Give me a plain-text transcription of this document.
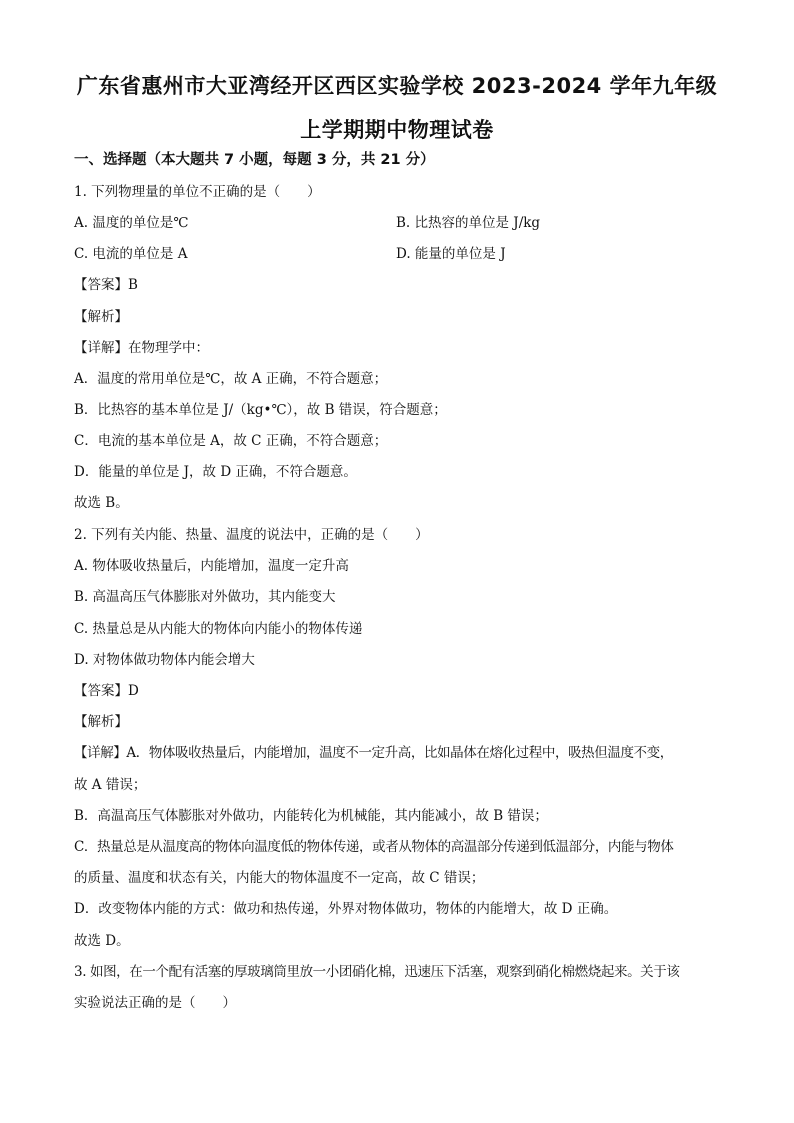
广东省惠州市大亚湾经开区西区实验学校 2023-2024 学年九年级
上学期期中物理试卷
一、选择题（本大题共 7 小题，每题 3 分，共 21 分）
1. 下列物理量的单位不正确的是（　　）
A. 温度的单位是℃	B. 比热容的单位是 J/kg
C. 电流的单位是 A	D. 能量的单位是 J
【答案】B
【解析】
【详解】在物理学中：
A．温度的常用单位是℃，故 A 正确，不符合题意；
B．比热容的基本单位是 J/（kg•℃），故 B 错误，符合题意；
C．电流的基本单位是 A，故 C 正确，不符合题意；
D．能量的单位是 J，故 D 正确，不符合题意。
故选 B。
2. 下列有关内能、热量、温度的说法中，正确的是（　　）
A. 物体吸收热量后，内能增加，温度一定升高
B. 高温高压气体膨胀对外做功，其内能变大
C. 热量总是从内能大的物体向内能小的物体传递
D. 对物体做功物体内能会增大
【答案】D
【解析】
【详解】A．物体吸收热量后，内能增加，温度不一定升高，比如晶体在熔化过程中，吸热但温度不变，
故 A 错误；
B．高温高压气体膨胀对外做功，内能转化为机械能，其内能减小，故 B 错误；
C．热量总是从温度高的物体向温度低的物体传递，或者从物体的高温部分传递到低温部分，内能与物体
的质量、温度和状态有关，内能大的物体温度不一定高，故 C 错误；
D．改变物体内能的方式：做功和热传递，外界对物体做功，物体的内能增大，故 D 正确。
故选 D。
3. 如图，在一个配有活塞的厚玻璃筒里放一小团硝化棉，迅速压下活塞，观察到硝化棉燃烧起来。关于该
实验说法正确的是（　　）
